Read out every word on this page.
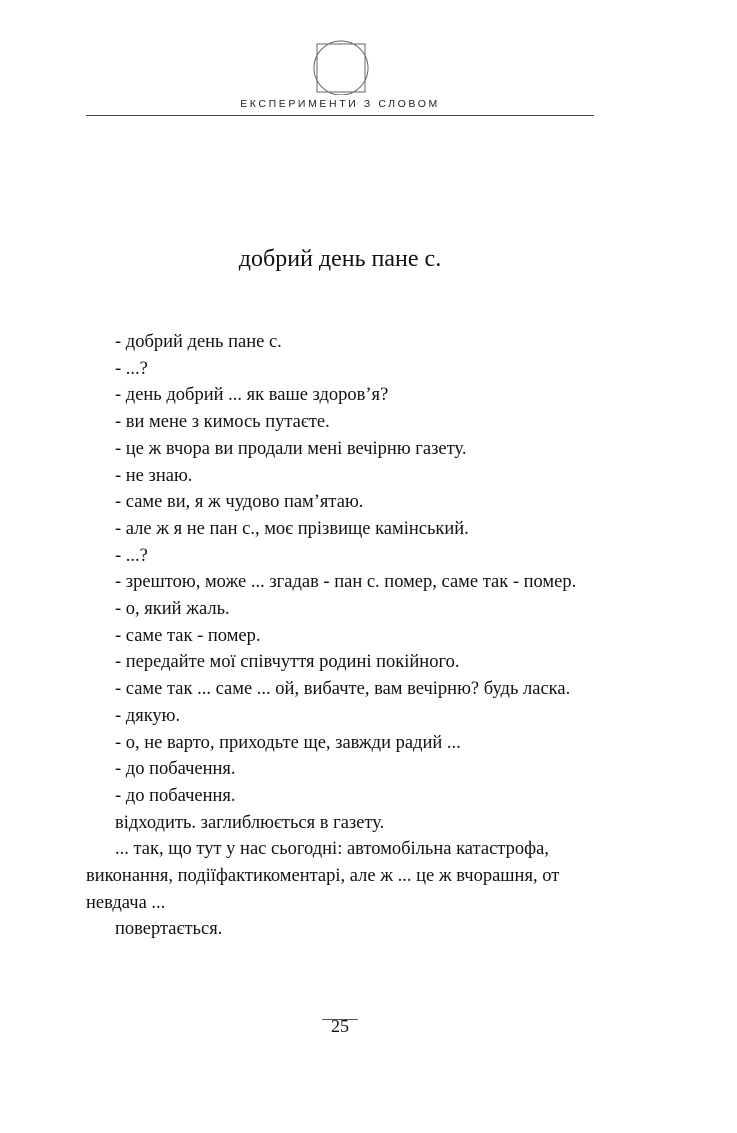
ЕКСПЕРИМЕНТИ З СЛОВОМ
добрий день пане с.

- добрий день пане с.

- ...?

- день добрий ... як ваше здоров’я?

- ви мене з кимось путаєте.

- це ж вчора ви продали мені вечірню газету.

- не знаю.

- саме ви, я ж чудово пам’ятаю.

- але ж я не пан с., моє прізвище камінський.

- ...?

- зрештою, може ... згадав - пан с. помер, саме так - помер.

- о, який жаль.

- саме так - помер.

- передайте мої співчуття родині покійного.

- саме так ... саме ... ой, вибачте, вам вечірню? будь ласка.

- дякую.

- о, не варто, приходьте ще, завжди радий ...

- до побачення.

- до побачення.

відходить. заглиблюється в газету.

... так, що тут у нас сьогодні: автомобільна катастрофа, виконання, подіїфактикоментарі, але ж ... це ж вчорашня, от невдача ...

повертається.

25
